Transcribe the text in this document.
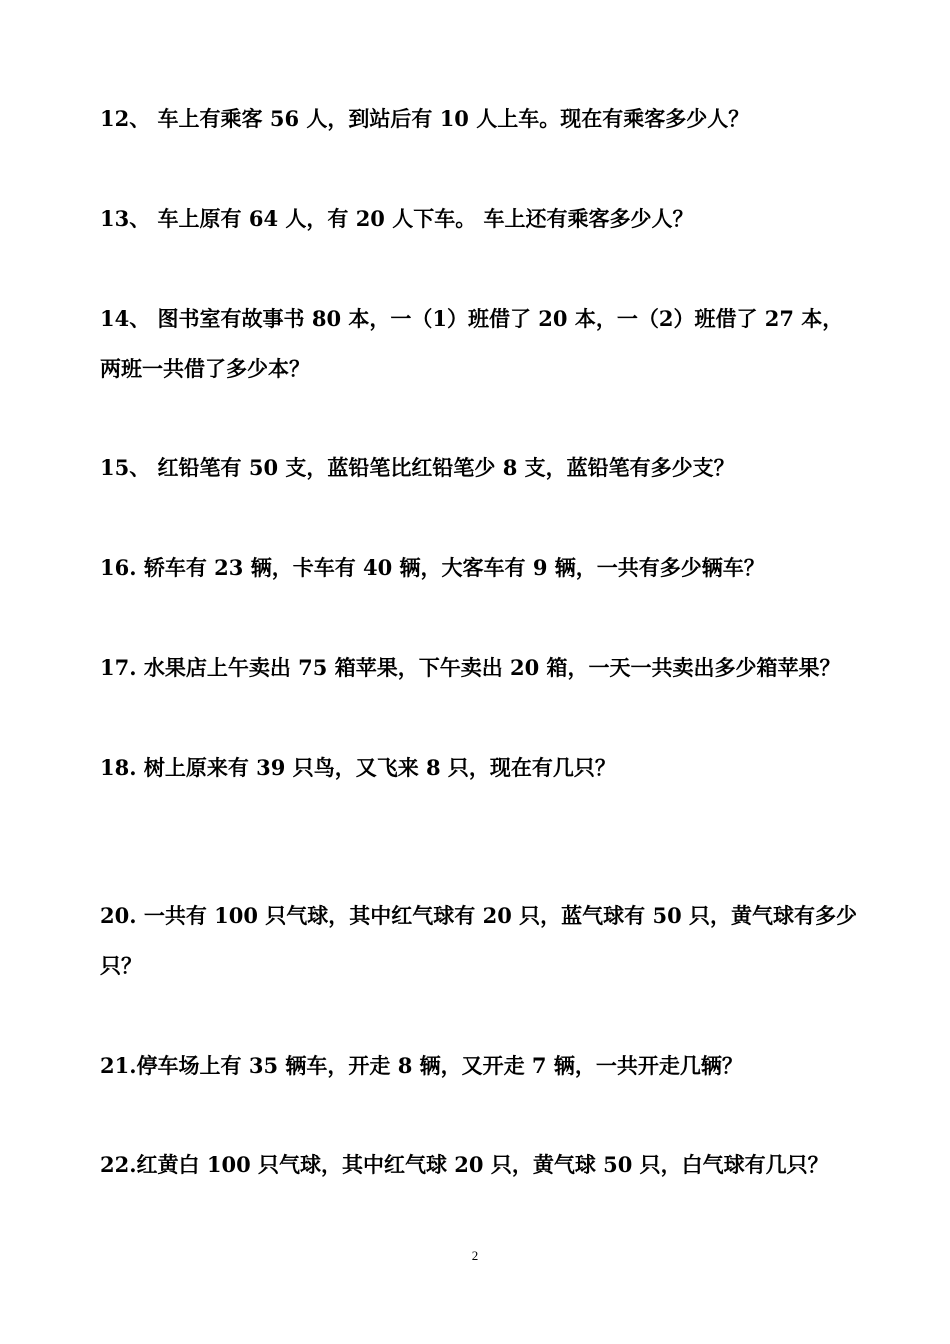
12、 车上有乘客 56 人，到站后有 10 人上车。现在有乘客多少人？
13、 车上原有 64 人，有 20 人下车。 车上还有乘客多少人？
14、 图书室有故事书 80 本，一（1）班借了 20 本，一（2）班借了 27 本，
两班一共借了多少本？
15、 红铅笔有 50 支，蓝铅笔比红铅笔少 8 支，蓝铅笔有多少支？
16. 轿车有 23 辆，卡车有 40 辆，大客车有 9 辆，一共有多少辆车？
17. 水果店上午卖出 75 箱苹果，下午卖出 20 箱，一天一共卖出多少箱苹果？
18. 树上原来有 39 只鸟，又飞来 8 只，现在有几只？
20. 一共有 100 只气球，其中红气球有 20 只，蓝气球有 50 只，黄气球有多少
只？
21.停车场上有 35 辆车，开走 8 辆，又开走 7 辆，一共开走几辆？
22.红黄白 100 只气球，其中红气球 20 只，黄气球 50 只，白气球有几只？
2
